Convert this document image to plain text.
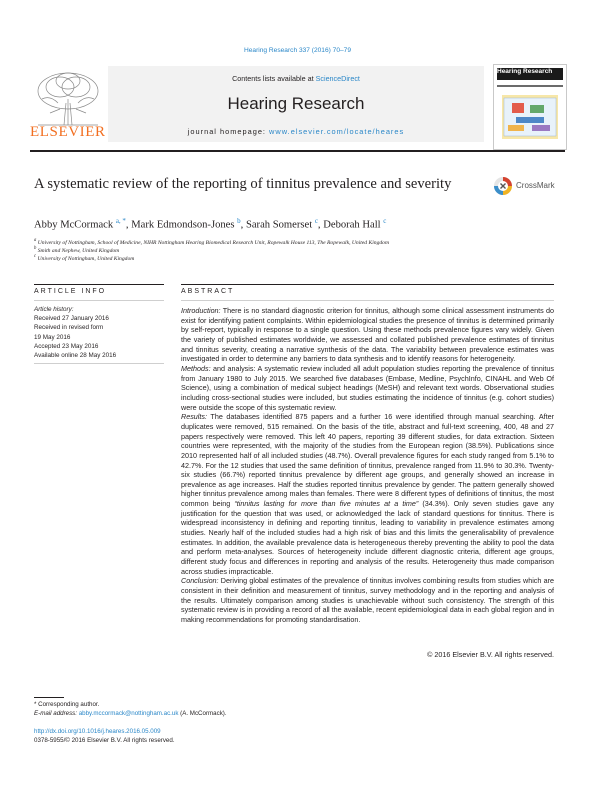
Hearing Research 337 (2016) 70–79
ELSEVIER
Contents lists available at ScienceDirect
Hearing Research
journal homepage: www.elsevier.com/locate/heares
Hearing Research
A systematic review of the reporting of tinnitus prevalence and severity	CrossMark
Abby McCormack $^{a, *}$, Mark Edmondson-Jones $^b$, Sarah Somerset $^c$, Deborah Hall $^c$
$^a$ University of Nottingham, School of Medicine, NIHR Nottingham Hearing Biomedical Research Unit, Ropewalk House 113, The Ropewalk, United Kingdom
$^b$ Smith and Nephew, United Kingdom
$^c$ University of Nottingham, United Kingdom
ARTICLE INFO
Article history:
Received 27 January 2016
Received in revised form
19 May 2016
Accepted 23 May 2016
Available online 28 May 2016
ABSTRACT

Introduction: There is no standard diagnostic criterion for tinnitus, although some clinical assessment instruments do exist for identifying patient complaints. Within epidemiological studies the presence of tinnitus is determined primarily by self-report, typically in response to a single question. Using these methods prevalence figures vary widely. Given the variety of published estimates worldwide, we assessed and collated published prevalence estimates of tinnitus and tinnitus severity, creating a narrative synthesis of the data. The variability between prevalence estimates was investigated in order to determine any barriers to data synthesis and to identify reasons for heterogeneity.

Methods: and analysis: A systematic review included all adult population studies reporting the prevalence of tinnitus from January 1980 to July 2015. We searched five databases (Embase, Medline, PsychInfo, CINAHL and Web Of Science), using a combination of medical subject headings (MeSH) and relevant text words. Observational studies including cross-sectional studies were included, but studies estimating the incidence of tinnitus (e.g. cohort studies) were outside the scope of this systematic review.

Results: The databases identified 875 papers and a further 16 were identified through manual searching. After duplicates were removed, 515 remained. On the basis of the title, abstract and full-text screening, 400, 48 and 27 papers respectively were removed. This left 40 papers, reporting 39 different studies, for data extraction. Sixteen countries were represented, with the majority of the studies from the European region (38.5%). Publications since 2010 represented half of all included studies (48.7%). Overall prevalence figures for each study ranged from 5.1% to 42.7%. For the 12 studies that used the same definition of tinnitus, prevalence ranged from 11.9% to 30.3%. Twenty-six studies (66.7%) reported tinnitus prevalence by different age groups, and generally showed an increase in prevalence as age increases. Half the studies reported tinnitus prevalence by gender. The pattern generally showed higher tinnitus prevalence among males than females. There were 8 different types of definitions of tinnitus, the most common being “tinnitus lasting for more than five minutes at a time” (34.3%). Only seven studies gave any justification for the question that was used, or acknowledged the lack of standard questions for tinnitus. There is widespread inconsistency in defining and reporting tinnitus, leading to variability in prevalence estimates among studies. Nearly half of the included studies had a high risk of bias and this limits the generalisability of prevalence estimates. In addition, the available prevalence data is heterogeneous thereby preventing the ability to pool the data and perform meta-analyses. Sources of heterogeneity include different diagnostic criteria, different age groups, different study focus and differences in reporting and analysis of the results. Heterogeneity thus made comparison across studies impracticable.

Conclusion: Deriving global estimates of the prevalence of tinnitus involves combining results from studies which are consistent in their definition and measurement of tinnitus, survey methodology and in the reporting and analysis of the results. Ultimately comparison among studies is unachievable without such consistency. The strength of this systematic review is in providing a record of all the available, recent epidemiological data in each global region and in making recommendations for promoting standardisation.

© 2016 Elsevier B.V. All rights reserved.
* Corresponding author.
E-mail address: abby.mccormack@nottingham.ac.uk (A. McCormack).
http://dx.doi.org/10.1016/j.heares.2016.05.009
0378-5955/© 2016 Elsevier B.V. All rights reserved.
